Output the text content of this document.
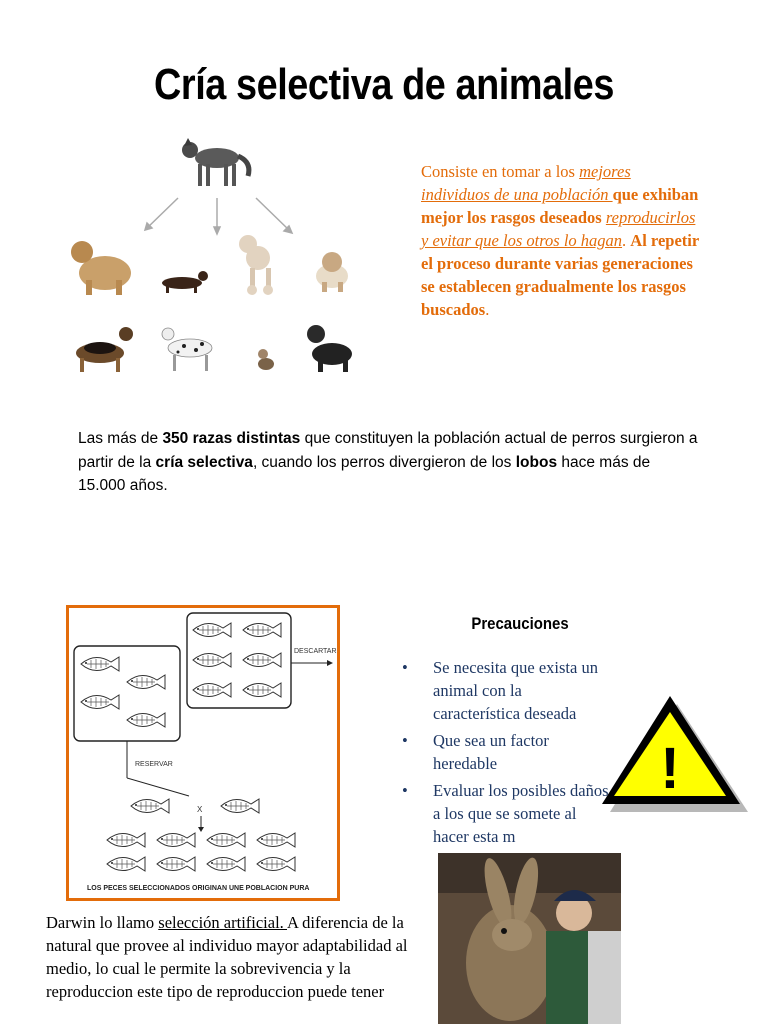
Cría selectiva de animales
Consiste en tomar a los mejores individuos de una población que exhiban mejor los rasgos deseados reproducirlos y evitar que los otros lo hagan. Al repetir el proceso durante varias generaciones se establecen gradualmente los rasgos buscados.
Las más de 350 razas distintas que constituyen la población actual de perros surgieron a partir de la cría selectiva, cuando los perros divergieron de los lobos hace más de 15.000 años.
DESCARTAR
RESERVAR
X
LOS PECES SELECCIONADOS ORIGINAN UNE POBLACION PURA
Precauciones
• Se necesita que exista un animal con la característica deseada
• Que sea un factor heredable
• Evaluar los posibles daños a los que se somete al hacer esta m
!
Darwin lo llamo selección artificial. A diferencia de la natural que provee al individuo mayor adaptabilidad al medio, lo cual le permite la sobrevivencia y la reproduccion este tipo de reproduccion puede tener
